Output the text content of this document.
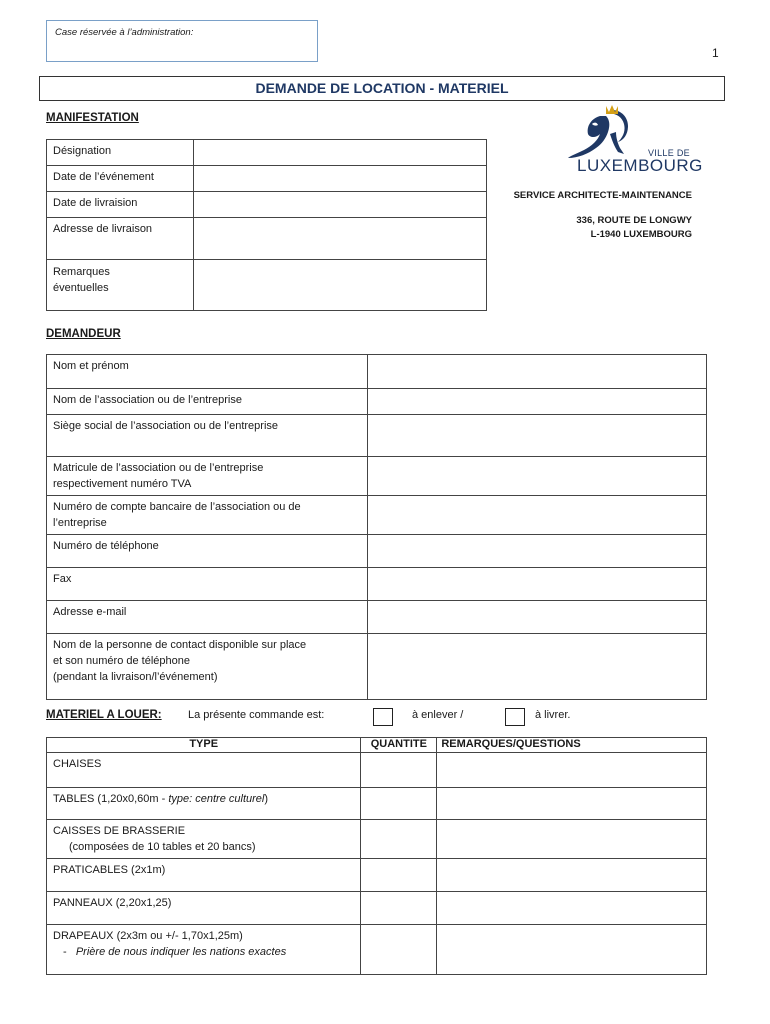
Case réservée à l’administration:
1
DEMANDE DE LOCATION - MATERIEL
VILLE DE
LUXEMBOURG
SERVICE ARCHITECTE-MAINTENANCE
336, ROUTE DE LONGWY
L-1940 LUXEMBOURG
MANIFESTATION
Désignation	
Date de l’événement	
Date de livraision	
Adresse de livraison	
Remarques
éventuelles	
DEMANDEUR
Nom et prénom	
Nom de l’association ou de l’entreprise	
Siège social de l’association ou de l’entreprise	
Matricule de l’association ou de l’entreprise
respectivement numéro TVA	
Numéro de compte bancaire de l’association ou de
l’entreprise	
Numéro de téléphone	
Fax	
Adresse e-mail	
Nom de la personne de contact disponible sur place
et son numéro de téléphone
(pendant la livraison/l’événement)	
MATERIEL A LOUER: La présente commande est:	à enlever /	à livrer.
TYPE	QUANTITE	REMARQUES/QUESTIONS
CHAISES		
TABLES (1,20x0,60m - type: centre culturel)		

CAISSES DE BRASSERIE
(composées de 10 tables et 20 bancs)		

PRATICABLES (2x1m)		
PANNEAUX (2,20x1,25)		

DRAPEAUX (2x3m ou +/- 1,70x1,25m)
- Prière de nous indiquer les nations exactes		
